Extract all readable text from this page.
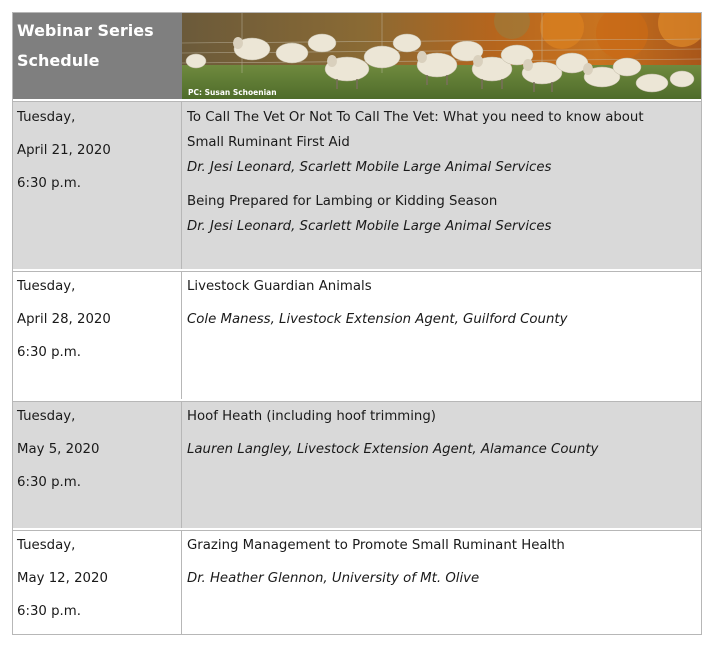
Webinar Series
Schedule
PC: Susan Schoenian
Tuesday,
April 21, 2020
6:30 p.m.
To Call The Vet Or Not To Call The Vet: What you need to know about
Small Ruminant First Aid
Dr. Jesi Leonard, Scarlett Mobile Large Animal Services
Being Prepared for Lambing or Kidding Season
Dr. Jesi Leonard, Scarlett Mobile Large Animal Services
Tuesday,
April 28, 2020
6:30 p.m.
Livestock Guardian Animals
Cole Maness, Livestock Extension Agent, Guilford County
Tuesday,
May 5, 2020
6:30 p.m.
Hoof Heath (including hoof trimming)
Lauren Langley, Livestock Extension Agent, Alamance County
Tuesday,
May 12, 2020
6:30 p.m.
Grazing Management to Promote Small Ruminant Health
Dr. Heather Glennon, University of Mt. Olive
